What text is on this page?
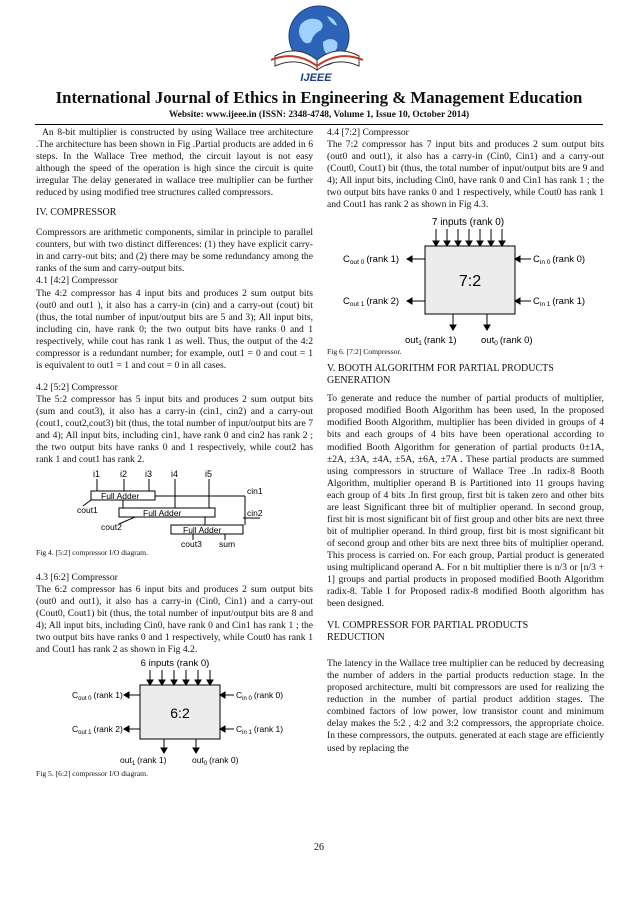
IJEEE
International Journal of Ethics in Engineering & Management Education
Website: www.ijeee.in (ISSN: 2348-4748, Volume 1, Issue 10, October 2014)

An 8-bit multiplier is constructed by using Wallace tree architecture .The architecture has been shown in Fig .Partial products are added in 6 steps. In the Wallace Tree method, the circuit layout is not easy although the speed of the operation is high since the circuit is quite irregular The delay generated in wallace tree multiplier can be further reduced by using modified tree structures called compressors.

IV. COMPRESSOR

Compressors are arithmetic components, similar in principle to parallel counters, but with two distinct differences: (1) they have explicit carry-in and carry-out bits; and (2) there may be some redundancy among the ranks of the sum and carry-output bits.

4.1 [4:2] Compressor

The 4:2 compressor has 4 input bits and produces 2 sum output bits (out0 and out1 ), it also has a carry-in (cin) and a carry-out (cout) bit (thus, the total number of input/output bits are 5 and 3); All input bits, including cin, have rank 0; the two output bits have ranks 0 and 1 respectively, while cout has rank 1 as well. Thus, the output of the 4:2 compressor is a redundant number; for example, out1 = 0 and cout = 1 is equivalent to out1 = 1 and cout = 0 in all cases.

4.2 [5:2] Compressor

The 5:2 compressor has 5 input bits and produces 2 sum output bits (sum and cout3), it also has a carry-in (cin1, cin2) and a carry-out (cout1, cout2,cout3) bit (thus, the total number of input/output bits are 7 and 4); All input bits, including cin1, have rank 0 and cin2 has rank 2 ; the two output bits have ranks 0 and 1 respectively, while cout2 has rank 1 and cout1 has rank 2.

i1 i2 i3 i4	i5
Full Adder
Full Adder
Full Adder
cin1
cin2
cout1
cout2
cout3 sum

Fig 4. [5:2] compressor I/O diagram.

4.3 [6:2] Compressor

The 6:2 compressor has 6 input bits and produces 2 sum output bits (out0 and out1), it also has a carry-in (Cin0, Cin1) and a carry-out (Cout0, Cout1) bit (thus, the total number of input/output bits are 8 and 4); All input bits, including Cin0, have rank 0 and Cin1 has rank 1 ; the two output bits have ranks 0 and 1 respectively, while Cout0 has rank 1 and Cout1 has rank 2 as shown in Fig 4.2.

6 inputs (rank 0)
6:2
$C_{out 0}$ (rank 1)
$C_{out 1}$ (rank 2)
$C_{in 0}$ (rank 0)
$C_{in 1}$ (rank 1)
out$_1$ (rank 1)	out$_0$ (rank 0)

Fig 5. [6:2] compressor I/O diagram.

4.4 [7:2] Compressor

The 7:2 compressor has 7 input bits and produces 2 sum output bits (out0 and out1), it also has a carry-in (Cin0, Cin1) and a carry-out (Cout0, Cout1) bit (thus, the total number of input/output bits are 9 and 4); All input bits, including Cin0, have rank 0 and Cin1 has rank 1 ; the two output bits have ranks 0 and 1 respectively, while Cout0 has rank 1 and Cout1 has rank 2 as shown in Fig 4.3.

7 inputs (rank 0)
7:2
$C_{out 0}$ (rank 1)
$C_{out 1}$ (rank 2)
$C_{in 0}$ (rank 0)
$C_{in 1}$ (rank 1)
out$_1$ (rank 1)	out$_0$ (rank 0)

Fig 6. [7:2] Compressor.

V. BOOTH ALGORITHM FOR PARTIAL PRODUCTS

GENERATION

To generate and reduce the number of partial products of multiplier, proposed modified Booth Algorithm has been used, In the proposed modified Booth Algorithm, multiplier has been divided in groups of 4 bits and each groups of 4 bits have been operational according to modified Booth Algorithm for generation of partial products 0±1A, ±2A, ±3A, ±4A, ±5A, ±6A, ±7A . These partial products are summed using compressors in structure of Wallace Tree .In radix-8 Booth Algorithm, multiplier operand B is Partitioned into 11 groups having each group of 4 bits .In first group, first bit is taken zero and other bits are least Significant three bit of multiplier operand. In second group, first bit is most significant bit of first group and other bits are next three bit of multiplier operand. In third group, first bit is most significant bit of second group and other bits are next three bits of multiplier operand. This process is carried on. For each group, Partial product is generated using multiplicand operand A. For n bit multiplier there is n/3 or [n/3 + 1] groups and partial products in proposed modified Booth Algorithm radix-8. Table I for Proposed radix-8 modified Booth algorithm has been designed.

VI. COMPRESSOR FOR PARTIAL PRODUCTS

REDUCTION

The latency in the Wallace tree multiplier can be reduced by decreasing the number of adders in the partial products reduction stage. In the proposed architecture, multi bit compressors are used for realizing the reduction in the number of partial product addition stages. The combined factors of low power, low transistor count and minimum delay makes the 5:2 , 4:2 and 3:2 compressors, the appropriate choice. In these compressors, the outputs. generated at each stage are efficiently used by replacing the

26
